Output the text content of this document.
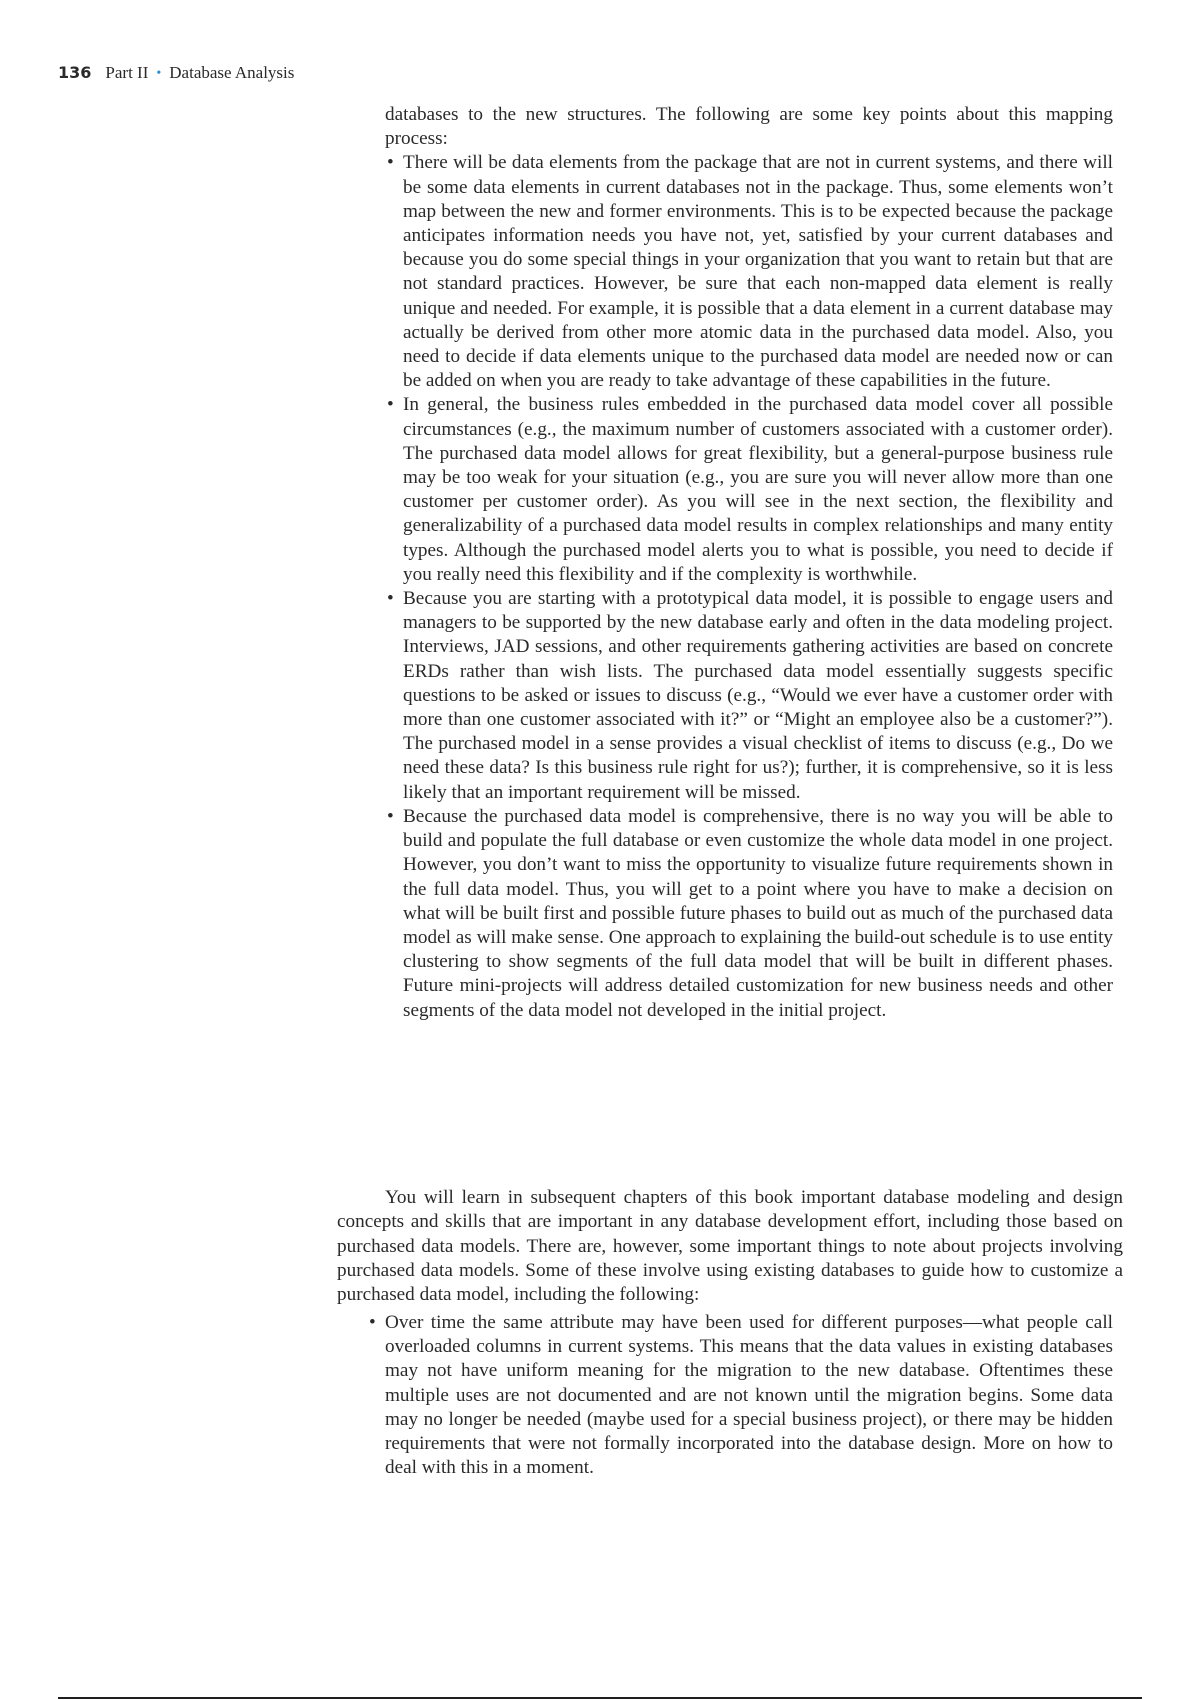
136 Part II • Database Analysis

databases to the new structures. The following are some key points about this mapping process:

• There will be data elements from the package that are not in current systems, and there will be some data elements in current databases not in the package. Thus, some elements won’t map between the new and former environments. This is to be expected because the package anticipates information needs you have not, yet, satisfied by your current databases and because you do some special things in your organization that you want to retain but that are not standard practices. However, be sure that each non-mapped data element is really unique and needed. For example, it is possible that a data element in a current database may actually be derived from other more atomic data in the purchased data model. Also, you need to decide if data elements unique to the purchased data model are needed now or can be added on when you are ready to take advantage of these capabilities in the future.
• In general, the business rules embedded in the purchased data model cover all possible circumstances (e.g., the maximum number of customers associated with a customer order). The purchased data model allows for great flexibility, but a general-purpose business rule may be too weak for your situation (e.g., you are sure you will never allow more than one customer per customer order). As you will see in the next section, the flexibility and generalizability of a purchased data model results in complex relationships and many entity types. Although the purchased model alerts you to what is possible, you need to decide if you really need this flexibility and if the complexity is worthwhile.
• Because you are starting with a prototypical data model, it is possible to engage users and managers to be supported by the new database early and often in the data modeling project. Interviews, JAD sessions, and other requirements gathering activities are based on concrete ERDs rather than wish lists. The purchased data model essentially suggests specific questions to be asked or issues to discuss (e.g., “Would we ever have a customer order with more than one customer associated with it?” or “Might an employee also be a customer?”). The purchased model in a sense provides a visual checklist of items to discuss (e.g., Do we need these data? Is this business rule right for us?); further, it is comprehensive, so it is less likely that an important requirement will be missed.
• Because the purchased data model is comprehensive, there is no way you will be able to build and populate the full database or even customize the whole data model in one project. However, you don’t want to miss the opportunity to visualize future requirements shown in the full data model. Thus, you will get to a point where you have to make a decision on what will be built first and possible future phases to build out as much of the purchased data model as will make sense. One approach to explaining the build-out schedule is to use entity clustering to show segments of the full data model that will be built in different phases. Future mini-projects will address detailed customization for new business needs and other segments of the data model not developed in the initial project.

You will learn in subsequent chapters of this book important database modeling and design concepts and skills that are important in any database development effort, including those based on purchased data models. There are, however, some important things to note about projects involving purchased data models. Some of these involve using existing databases to guide how to customize a purchased data model, including the following:

• Over time the same attribute may have been used for different purposes—what people call overloaded columns in current systems. This means that the data values in existing databases may not have uniform meaning for the migration to the new database. Oftentimes these multiple uses are not documented and are not known until the migration begins. Some data may no longer be needed (maybe used for a special business project), or there may be hidden requirements that were not formally incorporated into the database design. More on how to deal with this in a moment.
